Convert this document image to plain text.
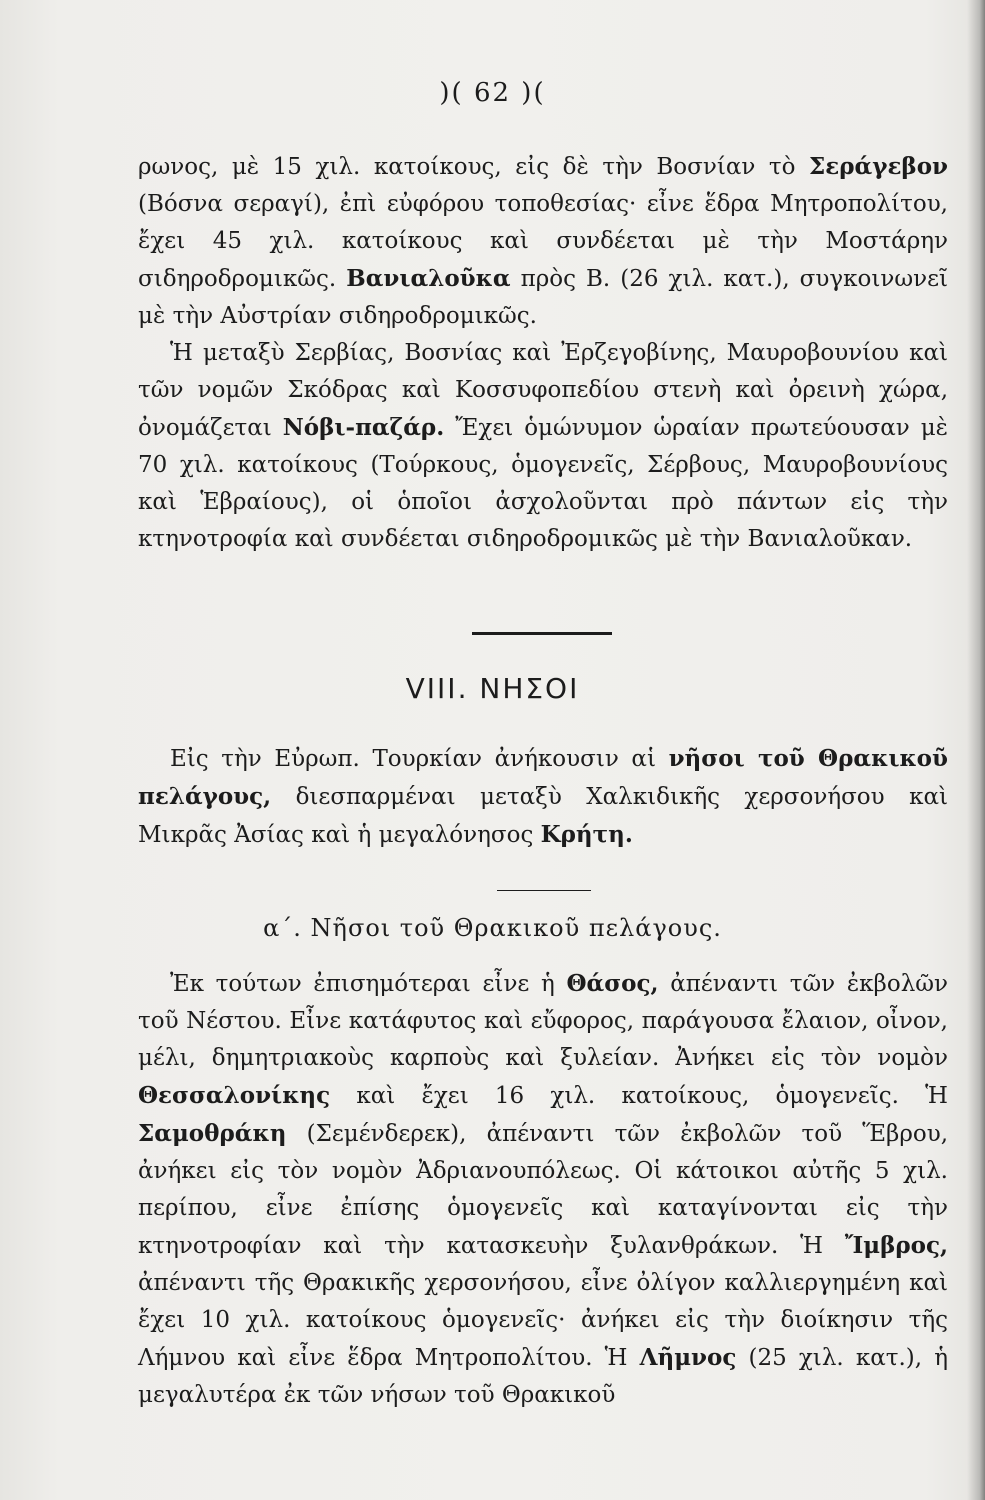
)( 62 )(

ρωνος, μὲ 15 χιλ. κατοίκους, εἰς δὲ τὴν Βοσνίαν τὸ Σεράγεβον (Βόσνα σεραγί), ἐπὶ εὐφόρου τοποθεσίας· εἶνε ἕδρα Μητροπολίτου, ἔχει 45 χιλ. κατοίκους καὶ συνδέεται μὲ τὴν Μοστάρην σιδηροδρομικῶς. Βανιαλοῦκα πρὸς Β. (26 χιλ. κατ.), συγκοινωνεῖ μὲ τὴν Αὐστρίαν σιδηροδρομικῶς.

Ἡ μεταξὺ Σερβίας, Βοσνίας καὶ Ἐρζεγοβίνης, Μαυροβουνίου καὶ τῶν νομῶν Σκόδρας καὶ Κοσσυφοπεδίου στενὴ καὶ ὀρεινὴ χώρα, ὀνομάζεται Νόβι-παζάρ. Ἔχει ὁμώνυμον ὡραίαν πρωτεύουσαν μὲ 70 χιλ. κατοίκους (Τούρκους, ὁμογενεῖς, Σέρβους, Μαυροβουνίους καὶ Ἑβραίους), οἱ ὁποῖοι ἀσχολοῦνται πρὸ πάντων εἰς τὴν κτηνοτροφία καὶ συνδέεται σιδηροδρομικῶς μὲ τὴν Βανιαλοῦκαν.

VIII. ΝΗΣΟΙ

Εἰς τὴν Εὐρωπ. Τουρκίαν ἀνήκουσιν αἱ νῆσοι τοῦ Θρακικοῦ πελάγους, διεσπαρμέναι μεταξὺ Χαλκιδικῆς χερσονήσου καὶ Μικρᾶς Ἀσίας καὶ ἡ μεγαλόνησος Κρήτη.

α΄. Νῆσοι τοῦ Θρακικοῦ πελάγους.

Ἐκ τούτων ἐπισημότεραι εἶνε ἡ Θάσος, ἀπέναντι τῶν ἐκβολῶν τοῦ Νέστου. Εἶνε κατάφυτος καὶ εὔφορος, παράγουσα ἔλαιον, οἶνον, μέλι, δημητριακοὺς καρποὺς καὶ ξυλείαν. Ἀνήκει εἰς τὸν νομὸν Θεσσαλονίκης καὶ ἔχει 16 χιλ. κατοίκους, ὁμογενεῖς. Ἡ Σαμοθράκη (Σεμένδερεκ), ἀπέναντι τῶν ἐκβολῶν τοῦ Ἕβρου, ἀνήκει εἰς τὸν νομὸν Ἀδριανουπόλεως. Οἱ κάτοικοι αὐτῆς 5 χιλ. περίπου, εἶνε ἐπίσης ὁμογενεῖς καὶ καταγίνονται εἰς τὴν κτηνοτροφίαν καὶ τὴν κατασκευὴν ξυλανθράκων. Ἡ Ἴμβρος, ἀπέναντι τῆς Θρακικῆς χερσονήσου, εἶνε ὀλίγον καλλιεργημένη καὶ ἔχει 10 χιλ. κατοίκους ὁμογενεῖς· ἀνήκει εἰς τὴν διοίκησιν τῆς Λήμνου καὶ εἶνε ἕδρα Μητροπολίτου. Ἡ Λῆμνος (25 χιλ. κατ.), ἡ μεγαλυτέρα ἐκ τῶν νήσων τοῦ Θρακικοῦ
